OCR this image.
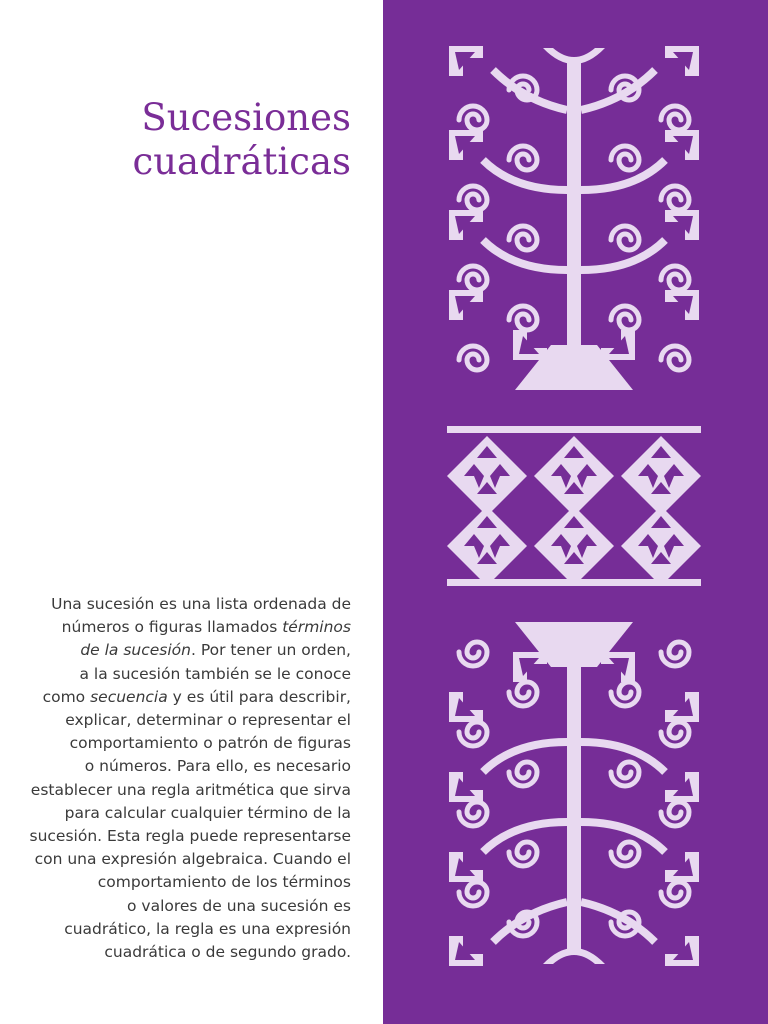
Sucesiones
cuadráticas

Una sucesión es una lista ordenada de
números o figuras llamados términos
de la sucesión. Por tener un orden,
a la sucesión también se le conoce
como secuencia y es útil para describir,
explicar, determinar o representar el
comportamiento o patrón de figuras
o números. Para ello, es necesario
establecer una regla aritmética que sirva
para calcular cualquier término de la
sucesión. Esta regla puede representarse
con una expresión algebraica. Cuando el
comportamiento de los términos
o valores de una sucesión es
cuadrático, la regla es una expresión
cuadrática o de segundo grado.
